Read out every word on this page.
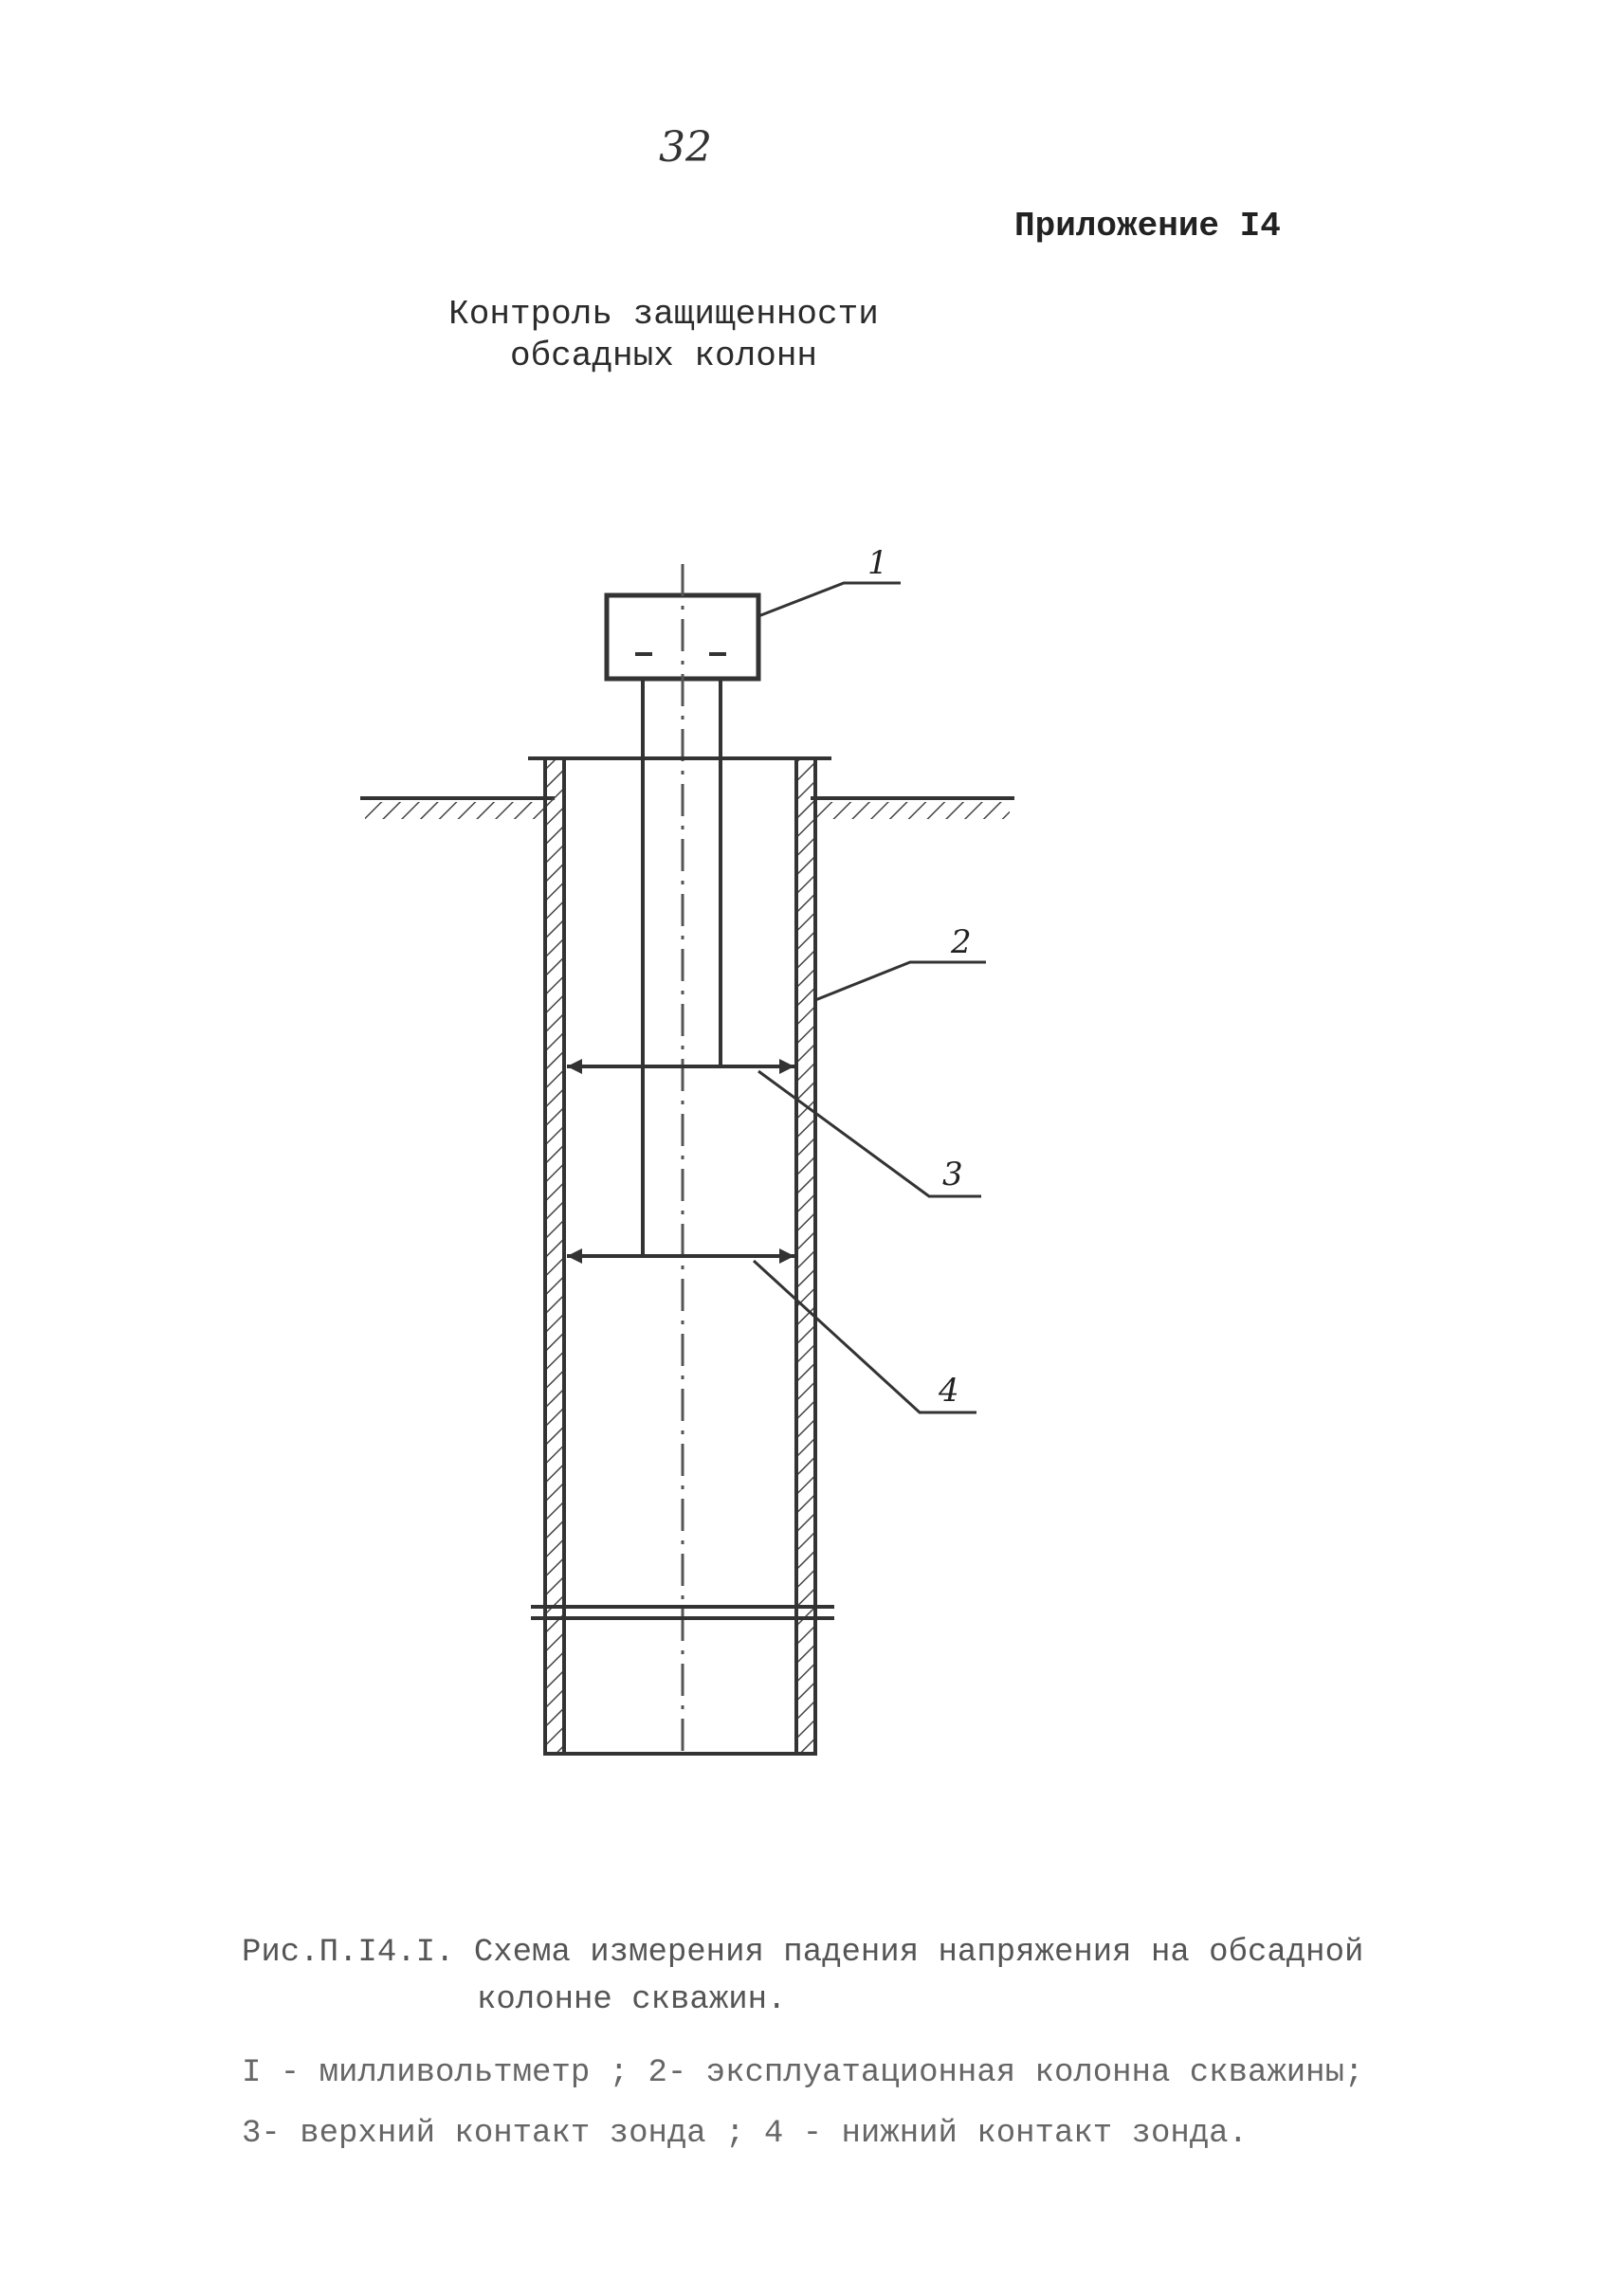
32
Приложение I4
Контроль защищенности
обсадных колонн
1
2
3
4
Рис.П.I4.I. Схема измерения падения напряжения на обсадной
колонне скважин.
I - милливольтметр ; 2- эксплуатационная колонна скважины;
3- верхний контакт зонда ; 4 - нижний контакт зонда.
